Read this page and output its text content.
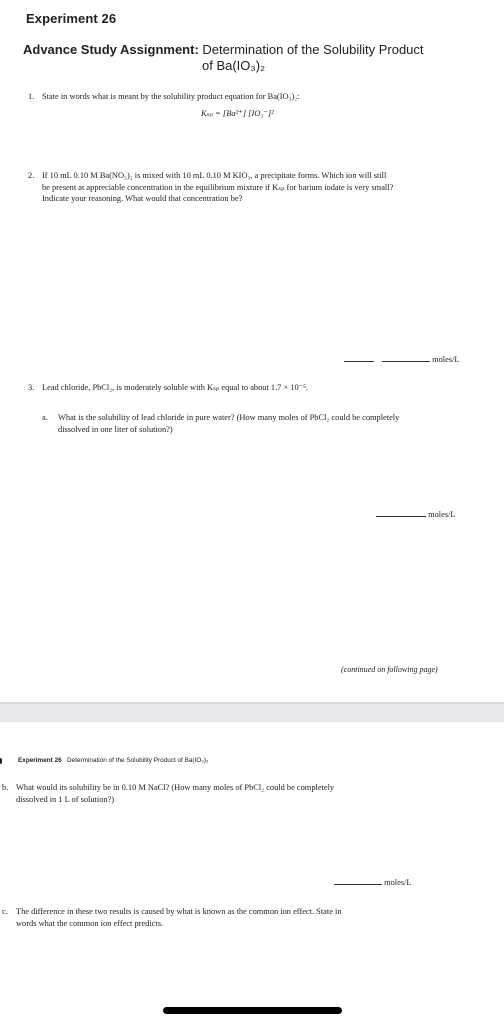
Experiment 26
Advance Study Assignment: Determination of the Solubility Product
of Ba(IO₃)₂
1. State in words what is meant by the solubility product equation for Ba(IO₃)₂:
Kₛₚ = [Ba²⁺] [IO₃⁻]²
2. If 10 mL 0.10 M Ba(NO₃)₂ is mixed with 10 mL 0.10 M KIO₃, a precipitate forms. Which ion will still
be present at appreciable concentration in the equilibrium mixture if Kₛₚ for barium iodate is very small?
Indicate your reasoning. What would that concentration be?
moles/L
3. Lead chloride, PbCl₂, is moderately soluble with Kₛₚ equal to about 1.7 × 10⁻⁵.
a. What is the solubility of lead chloride in pure water? (How many moles of PbCl₂ could be completely
dissolved in one liter of solution?)
moles/L
(continued on following page)
Experiment 26 Determination of the Solubility Product of Ba(IO₃)₂
b. What would its solubility be in 0.10 M NaCl? (How many moles of PbCl₂ could be completely
dissolved in 1 L of solution?)
moles/L
c. The difference in these two results is caused by what is known as the common ion effect. State in
words what the common ion effect predicts.
